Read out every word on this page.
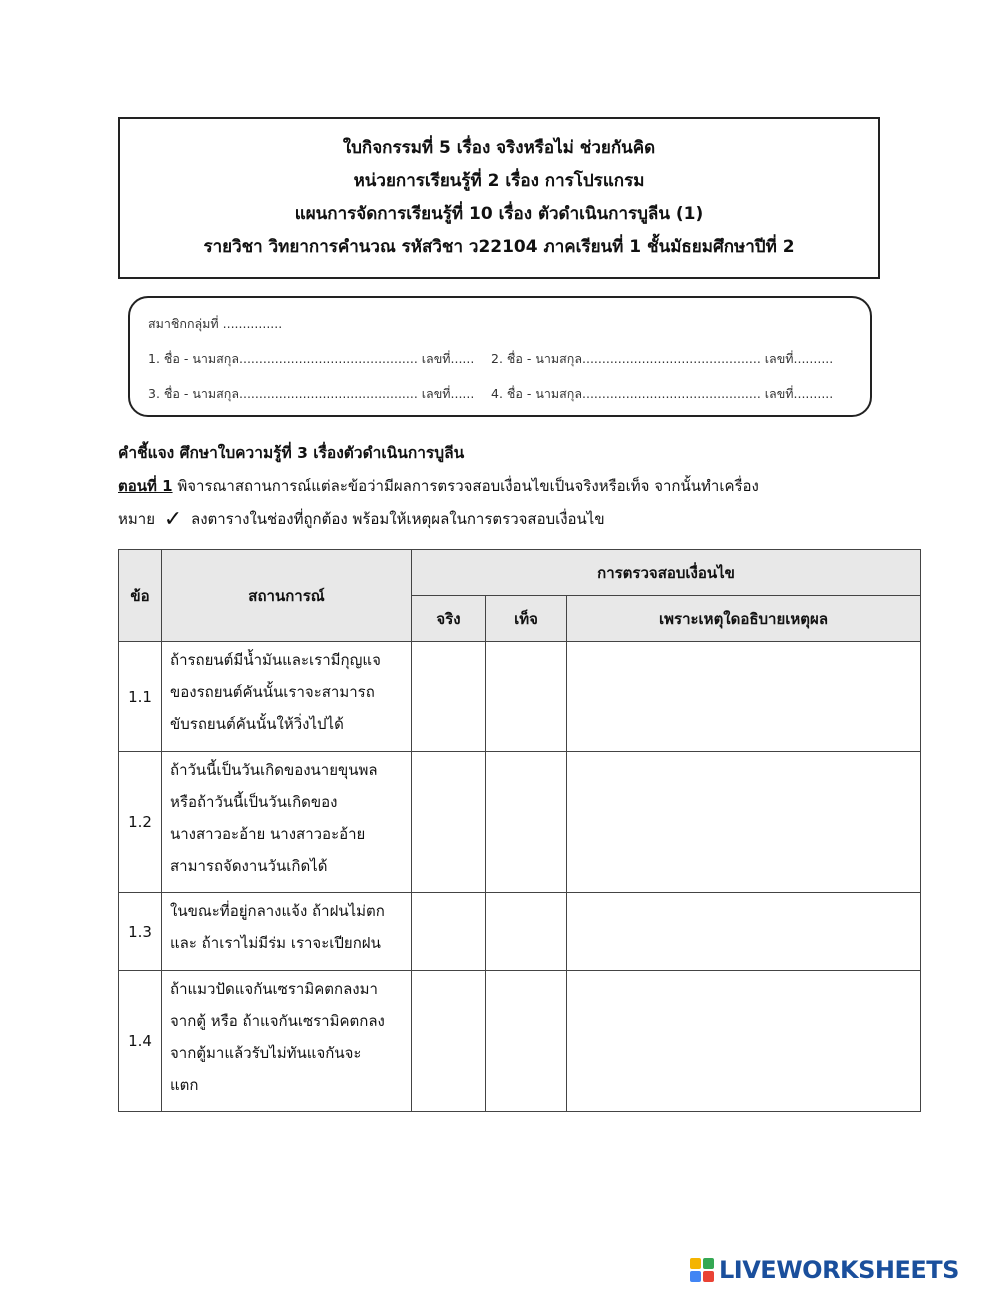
ใบกิจกรรมที่ 5 เรื่อง จริงหรือไม่ ช่วยกันคิด
หน่วยการเรียนรู้ที่ 2 เรื่อง การโปรแกรม
แผนการจัดการเรียนรู้ที่ 10 เรื่อง ตัวดำเนินการบูลีน (1)
รายวิชา วิทยาการคำนวณ รหัสวิชา ว22104 ภาคเรียนที่ 1 ชั้นมัธยมศึกษาปีที่ 2
สมาชิกกลุ่มที่ ...............
1. ชื่อ - นามสกุล............................................. เลขที่...... 2. ชื่อ - นามสกุล............................................. เลขที่..........
3. ชื่อ - นามสกุล............................................. เลขที่...... 4. ชื่อ - นามสกุล............................................. เลขที่..........
คำชี้แจง ศึกษาใบความรู้ที่ 3 เรื่องตัวดำเนินการบูลีน
ตอนที่ 1 พิจารณาสถานการณ์แต่ละข้อว่ามีผลการตรวจสอบเงื่อนไขเป็นจริงหรือเท็จ จากนั้นทำเครื่อง
หมาย ✓ ลงตารางในช่องที่ถูกต้อง พร้อมให้เหตุผลในการตรวจสอบเงื่อนไข
ข้อ	สถานการณ์	การตรวจสอบเงื่อนไข		
		จริง	เท็จ	เพราะเหตุใดอธิบายเหตุผล
1.1	ถ้ารถยนต์มีน้ำมันและเรามีกุญแจ
ของรถยนต์คันนั้นเราจะสามารถ
ขับรถยนต์คันนั้นให้วิ่งไปได้			

1.2	ถ้าวันนี้เป็นวันเกิดของนายขุนพล
หรือถ้าวันนี้เป็นวันเกิดของ
นางสาวอะอ้าย นางสาวอะอ้าย
สามารถจัดงานวันเกิดได้			

1.3	ในขณะที่อยู่กลางแจ้ง ถ้าฝนไม่ตก
และ ถ้าเราไม่มีร่ม เราจะเปียกฝน			

1.4	ถ้าแมวปัดแจกันเซรามิคตกลงมา
จากตู้ หรือ ถ้าแจกันเซรามิคตกลง
จากตู้มาแล้วรับไม่ทันแจกันจะ
แตก			

LIVEWORKSHEETS
